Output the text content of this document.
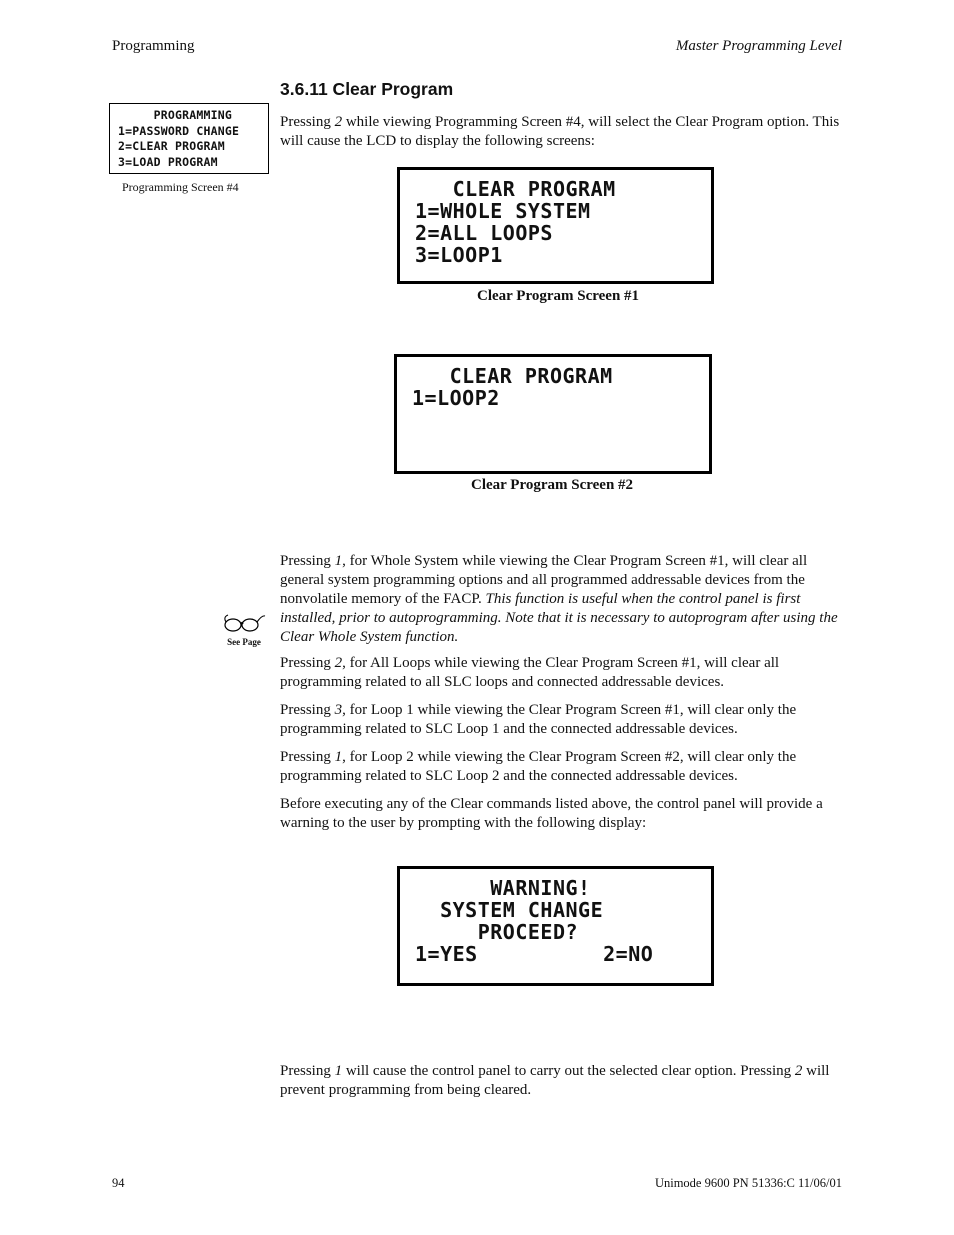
Programming	Master Programming Level
3.6.11 Clear Program
PROGRAMMING
1=PASSWORD CHANGE
2=CLEAR PROGRAM
3=LOAD PROGRAM
Programming Screen #4
Pressing 2 while viewing Programming Screen #4, will select the Clear Program option. This will cause the LCD to display the following screens:
CLEAR PROGRAM
1=WHOLE SYSTEM
2=ALL LOOPS
3=LOOP1
Clear Program Screen #1
CLEAR PROGRAM
1=LOOP2
Clear Program Screen #2
See Page
Pressing 1, for Whole System while viewing the Clear Program Screen #1, will clear all general system programming options and all programmed addressable devices from the nonvolatile memory of the FACP. This function is useful when the control panel is first installed, prior to autoprogramming. Note that it is necessary to autoprogram after using the Clear Whole System function.
Pressing 2, for All Loops while viewing the Clear Program Screen #1, will clear all programming related to all SLC loops and connected addressable devices.
Pressing 3, for Loop 1 while viewing the Clear Program Screen #1, will clear only the programming related to SLC Loop 1 and the connected addressable devices.
Pressing 1, for Loop 2 while viewing the Clear Program Screen #2, will clear only the programming related to SLC Loop 2 and the connected addressable devices.
Before executing any of the Clear commands listed above, the control panel will provide a warning to the user by prompting with the following display:
WARNING!
SYSTEM CHANGE
PROCEED?
1=YES          2=NO
Pressing 1 will cause the control panel to carry out the selected clear option. Pressing 2 will prevent programming from being cleared.
94	Unimode 9600 PN 51336:C 11/06/01
